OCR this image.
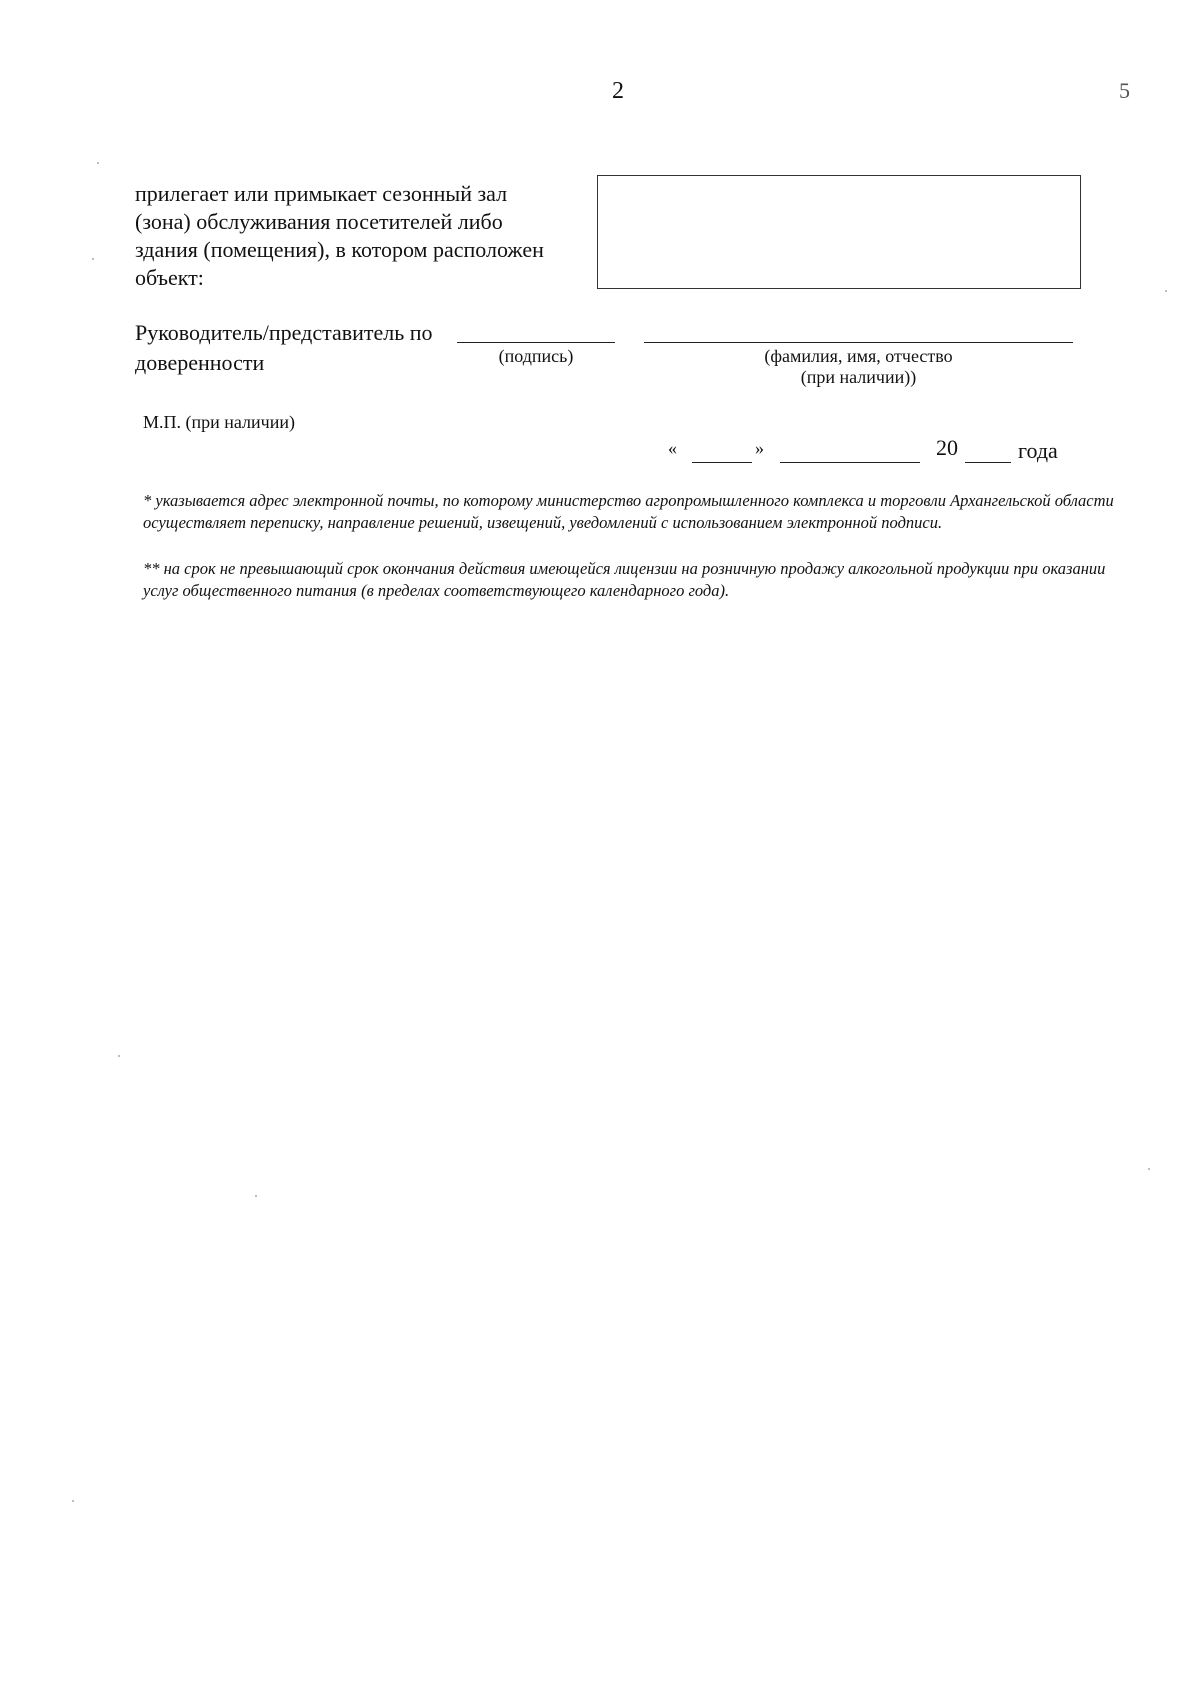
2	5
прилегает или примыкает сезонный зал (зона) обслуживания посетителей либо здания (помещения), в котором расположен объект:
Руководитель/представитель по доверенности	(подпись)	(фамилия, имя, отчество
(при наличии))
М.П. (при наличии)
«	»	20	года
* указывается адрес электронной почты, по которому министерство агропромышленного комплекса и торговли Архангельской области осуществляет переписку, направление решений, извещений, уведомлений с использованием электронной подписи.
** на срок не превышающий срок окончания действия имеющейся лицензии на розничную продажу алкогольной продукции при оказании услуг общественного питания (в пределах соответствующего календарного года).
